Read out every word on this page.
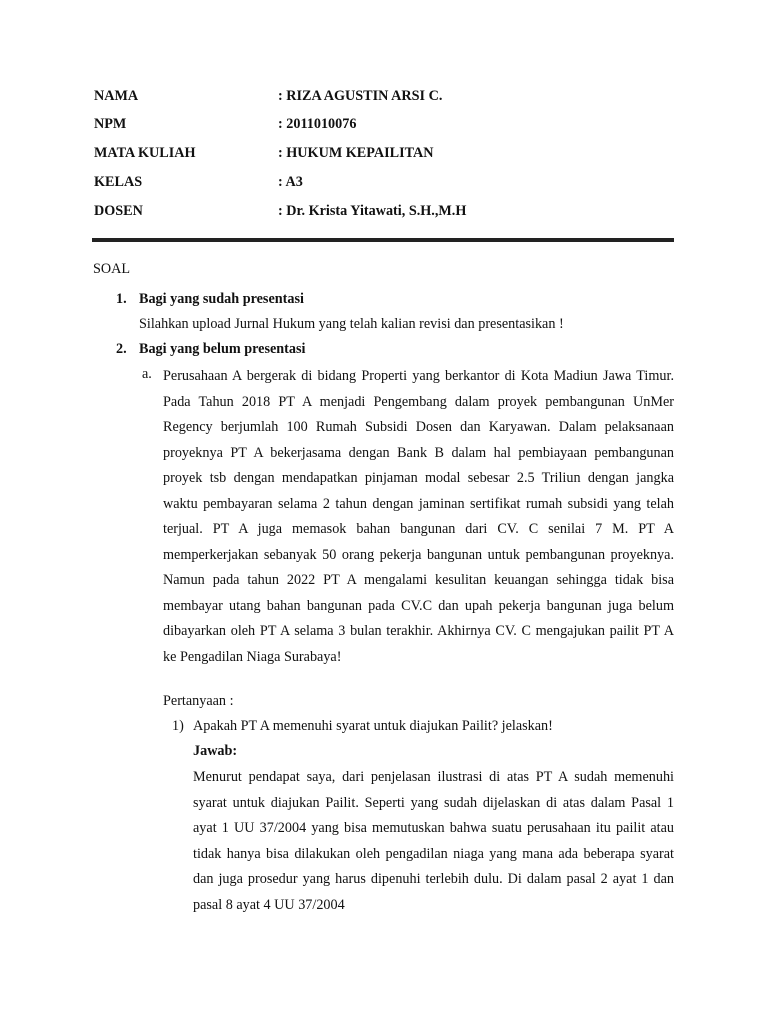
NAMA	: RIZA AGUSTIN ARSI C.
NPM	: 2011010076
MATA KULIAH	: HUKUM KEPAILITAN
KELAS	: A3
DOSEN	: Dr. Krista Yitawati, S.H.,M.H
SOAL
1. Bagi yang sudah presentasi
Silahkan upload Jurnal Hukum yang telah kalian revisi dan presentasikan !
2. Bagi yang belum presentasi
a. Perusahaan A bergerak di bidang Properti yang berkantor di Kota Madiun Jawa Timur. Pada Tahun 2018 PT A menjadi Pengembang dalam proyek pembangunan UnMer Regency berjumlah 100 Rumah Subsidi Dosen dan Karyawan. Dalam pelaksanaan proyeknya PT A bekerjasama dengan Bank B dalam hal pembiayaan pembangunan proyek tsb dengan mendapatkan pinjaman modal sebesar 2.5 Triliun dengan jangka waktu pembayaran selama 2 tahun dengan jaminan sertifikat rumah subsidi yang telah terjual. PT A juga memasok bahan bangunan dari CV. C senilai 7 M. PT A memperkerjakan sebanyak 50 orang pekerja bangunan untuk pembangunan proyeknya. Namun pada tahun 2022 PT A mengalami kesulitan keuangan sehingga tidak bisa membayar utang bahan bangunan pada CV.C dan upah pekerja bangunan juga belum dibayarkan oleh PT A selama 3 bulan terakhir. Akhirnya CV. C mengajukan pailit PT A ke Pengadilan Niaga Surabaya!

Pertanyaan :
1) Apakah PT A memenuhi syarat untuk diajukan Pailit? jelaskan!
Jawab:

Menurut pendapat saya, dari penjelasan ilustrasi di atas PT A sudah memenuhi syarat untuk diajukan Pailit. Seperti yang sudah dijelaskan di atas dalam Pasal 1 ayat 1 UU 37/2004 yang bisa memutuskan bahwa suatu perusahaan itu pailit atau tidak hanya bisa dilakukan oleh pengadilan niaga yang mana ada beberapa syarat dan juga prosedur yang harus dipenuhi terlebih dulu. Di dalam pasal 2 ayat 1 dan pasal 8 ayat 4 UU 37/2004
